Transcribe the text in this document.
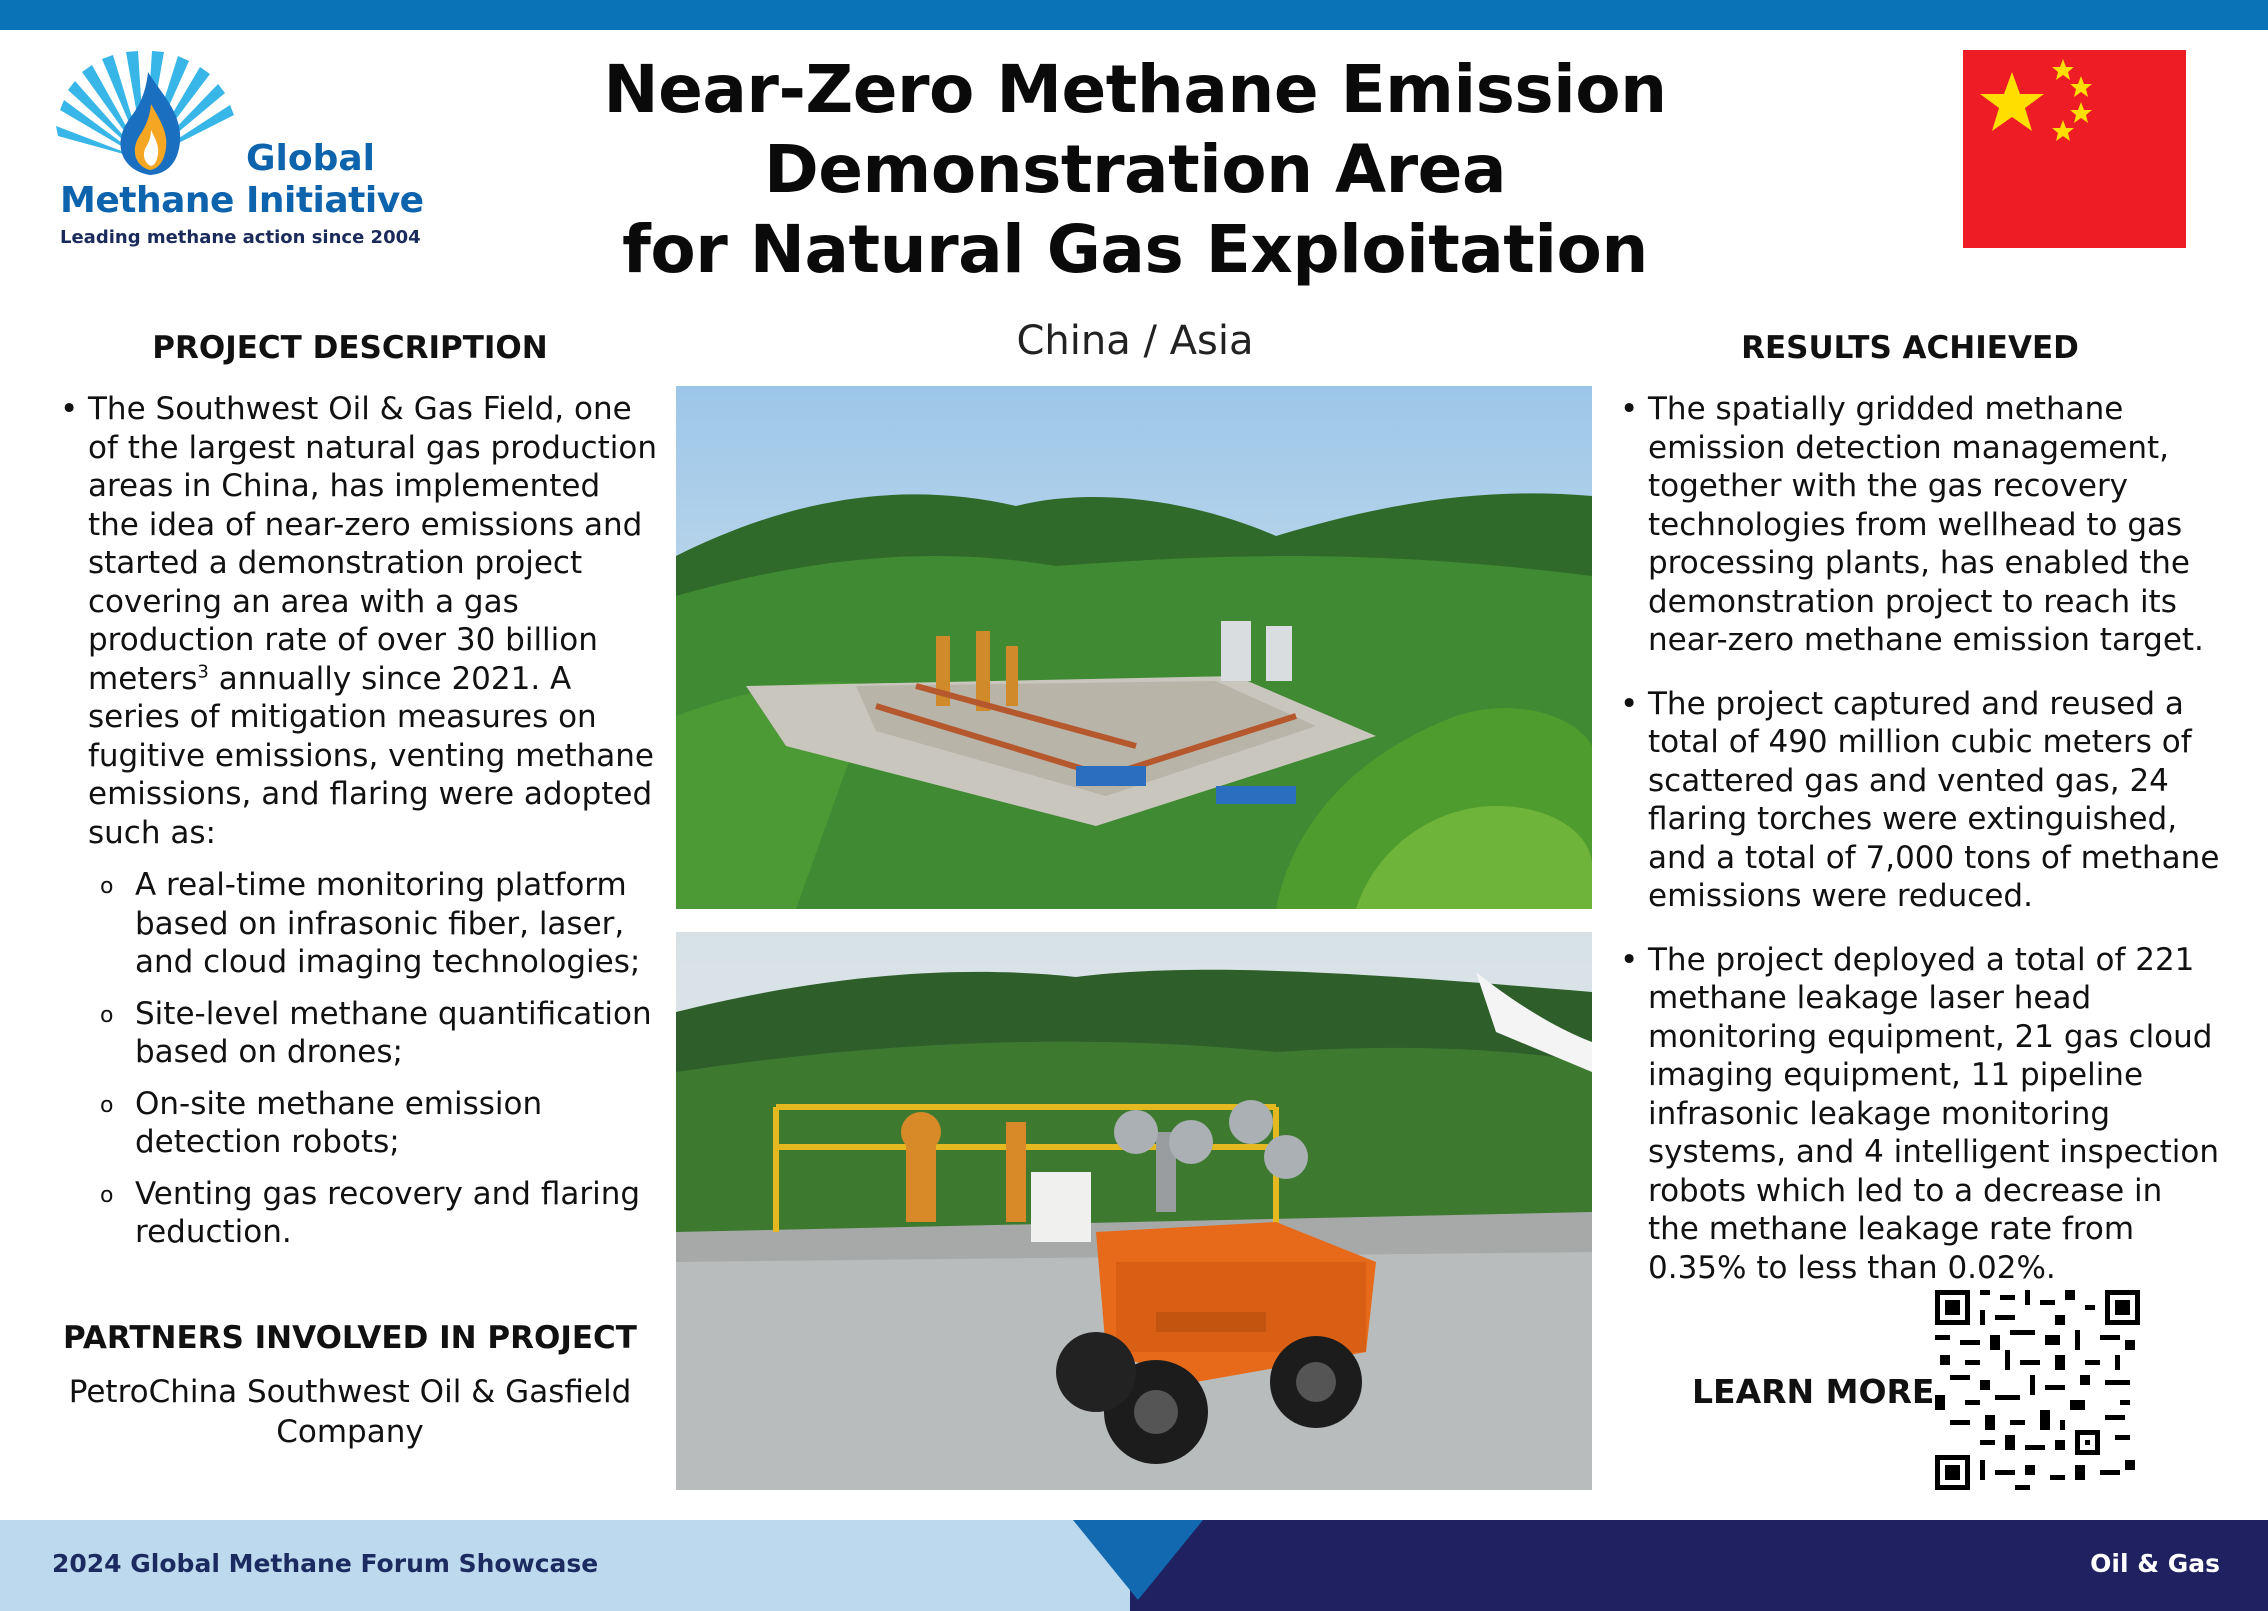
Global
Methane Initiative
Leading methane action since 2004
Near-Zero Methane Emission
Demonstration Area
for Natural Gas Exploitation
China / Asia
PROJECT DESCRIPTION
• The Southwest Oil & Gas Field, one of the largest natural gas production areas in China, has implemented the idea of near-zero emissions and started a demonstration project covering an area with a gas production rate of over 30 billion meters$^3$ annually since 2021. A series of mitigation measures on fugitive emissions, venting methane emissions, and flaring were adopted such as:
o A real-time monitoring platform based on infrasonic fiber, laser, and cloud imaging technologies;
o Site-level methane quantification based on drones;
o On-site methane emission detection robots;
o Venting gas recovery and flaring reduction.
PARTNERS INVOLVED IN PROJECT
PetroChina Southwest Oil & Gasfield Company
RESULTS ACHIEVED
• The spatially gridded methane emission detection management, together with the gas recovery technologies from wellhead to gas processing plants, has enabled the demonstration project to reach its near-zero methane emission target.
• The project captured and reused a total of 490 million cubic meters of scattered gas and vented gas, 24 flaring torches were extinguished, and a total of 7,000 tons of methane emissions were reduced.
• The project deployed a total of 221 methane leakage laser head monitoring equipment, 21 gas cloud imaging equipment, 11 pipeline infrasonic leakage monitoring systems, and 4 intelligent inspection robots which led to a decrease in the methane leakage rate from 0.35% to less than 0.02%.
LEARN MORE
2024 Global Methane Forum Showcase	Oil & Gas
